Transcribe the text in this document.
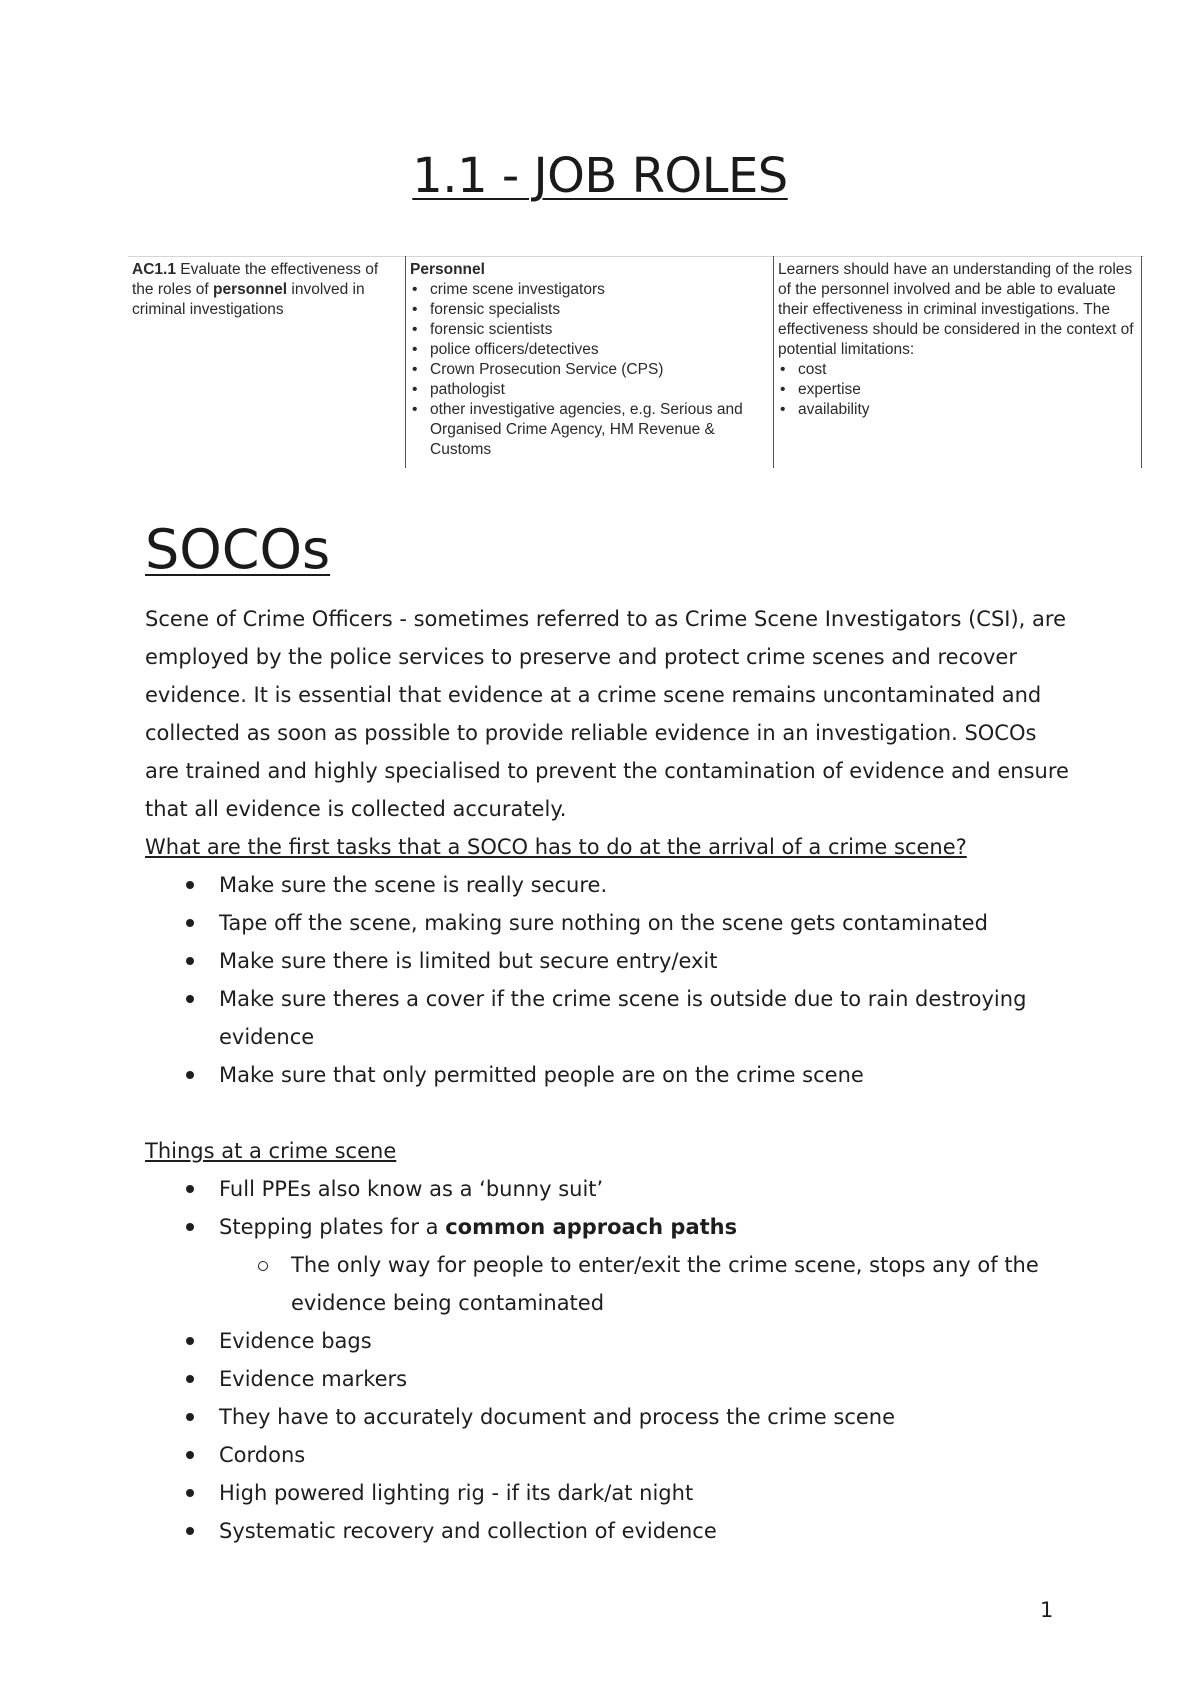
1.1 - JOB ROLES
AC1.1 Evaluate the effectiveness of the roles of personnel involved in criminal investigations
Personnel
• crime scene investigators
• forensic specialists
• forensic scientists
• police officers/detectives
• Crown Prosecution Service (CPS)
• pathologist
• other investigative agencies, e.g. Serious and Organised Crime Agency, HM Revenue & Customs
Learners should have an understanding of the roles of the personnel involved and be able to evaluate their effectiveness in criminal investigations. The effectiveness should be considered in the context of potential limitations:
• cost
• expertise
• availability
SOCOs

Scene of Crime Officers - sometimes referred to as Crime Scene Investigators (CSI), are employed by the police services to preserve and protect crime scenes and recover evidence. It is essential that evidence at a crime scene remains uncontaminated and collected as soon as possible to provide reliable evidence in an investigation. SOCOs are trained and highly specialised to prevent the contamination of evidence and ensure that all evidence is collected accurately.

What are the first tasks that a SOCO has to do at the arrival of a crime scene?

Make sure the scene is really secure.
Tape off the scene, making sure nothing on the scene gets contaminated
Make sure there is limited but secure entry/exit
Make sure theres a cover if the crime scene is outside due to rain destroying evidence
Make sure that only permitted people are on the crime scene

Things at a crime scene

Full PPEs also know as a ‘bunny suit’
Stepping plates for a common approach paths
The only way for people to enter/exit the crime scene, stops any of the evidence being contaminated
Evidence bags
Evidence markers
They have to accurately document and process the crime scene
Cordons
High powered lighting rig - if its dark/at night
Systematic recovery and collection of evidence
1
